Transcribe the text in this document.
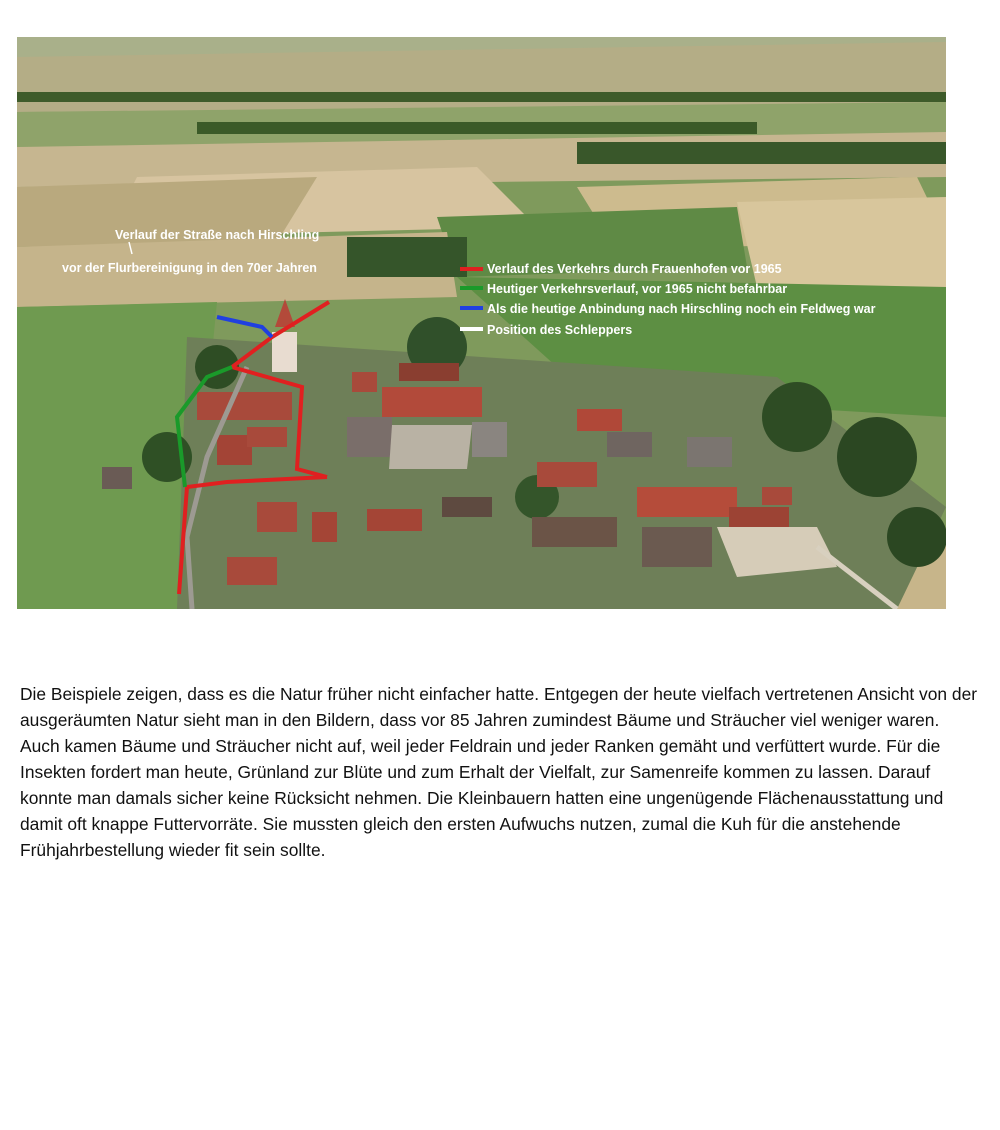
Verlauf der Straße nach Hirschling
vor der Flurbereinigung in den 70er Jahren	Verlauf des Verkehrs durch Frauenhofen vor 1965
Heutiger Verkehrsverlauf, vor 1965 nicht befahrbar
Als die heutige Anbindung nach Hirschling noch ein Feldweg war
Position des Schleppers

Die Beispiele zeigen, dass es die Natur früher nicht einfacher hatte. Entgegen der heute vielfach vertretenen Ansicht von der ausgeräumten Natur sieht man in den Bildern, dass vor 85 Jahren zumindest Bäume und Sträucher viel weniger waren. Auch kamen Bäume und Sträucher nicht auf, weil jeder Feldrain und jeder Ranken gemäht und verfüttert wurde. Für die Insekten fordert man heute, Grünland zur Blüte und zum Erhalt der Vielfalt, zur Samenreife kommen zu lassen. Darauf konnte man damals sicher keine Rücksicht nehmen. Die Kleinbauern hatten eine ungenügende Flächenausstattung und damit oft knappe Futtervorräte. Sie mussten gleich den ersten Aufwuchs nutzen, zumal die Kuh für die anstehende Frühjahrbestellung wieder fit sein sollte.
